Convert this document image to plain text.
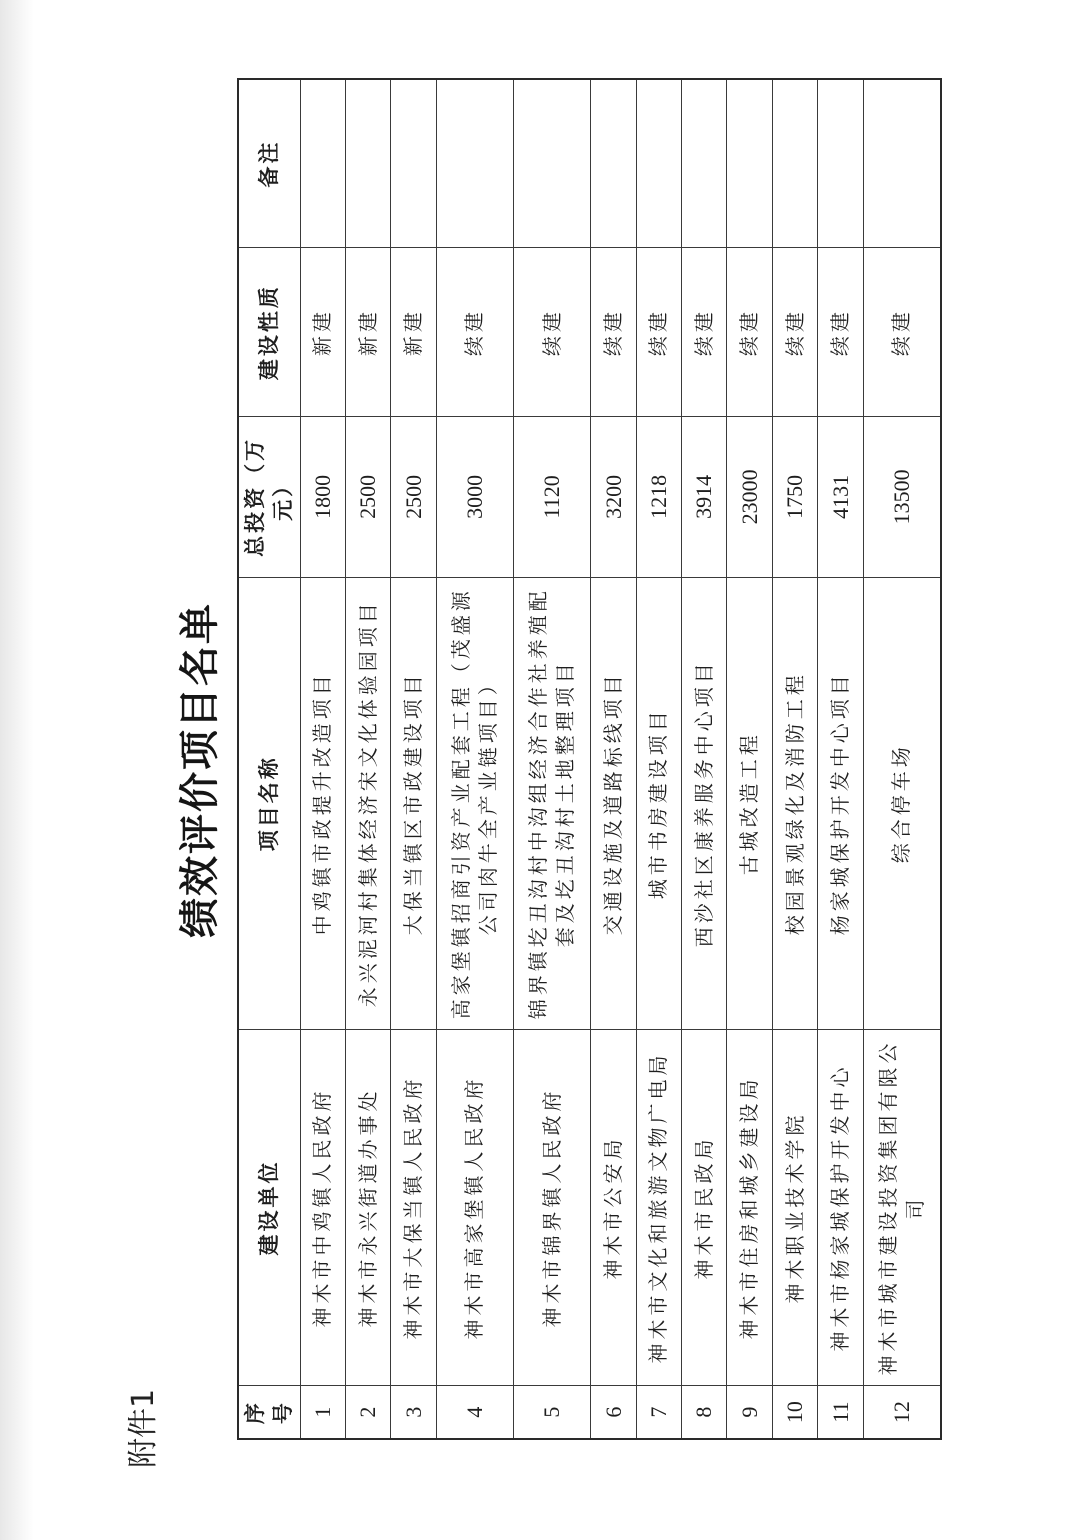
附件1
绩效评价项目名单
序号	建设单位	项目名称	总投资（万元）	建设性质	备注
1	神木市中鸡镇人民政府	中鸡镇市政提升改造项目	1800	新建	
2	神木市永兴街道办事处	永兴泥河村集体经济宋文化体验园项目	2500	新建	
3	神木市大保当镇人民政府	大保当镇区市政建设项目	2500	新建	
4	神木市高家堡镇人民政府	高家堡镇招商引资产业配套工程（茂盛源公司肉牛全产业链项目）	3000	续建	
5	神木市锦界镇人民政府	锦界镇圪丑沟村中沟组经济合作社养殖配套及圪丑沟村土地整理项目	1120	续建	
6	神木市公安局	交通设施及道路标线项目	3200	续建	
7	神木市文化和旅游文物广电局	城市书房建设项目	1218	续建	
8	神木市民政局	西沙社区康养服务中心项目	3914	续建	
9	神木市住房和城乡建设局	古城改造工程	23000	续建	
10	神木职业技术学院	校园景观绿化及消防工程	1750	续建	
11	神木市杨家城保护开发中心	杨家城保护开发中心项目	4131	续建	
12	神木市城市建设投资集团有限公司	综合停车场	13500	续建	
